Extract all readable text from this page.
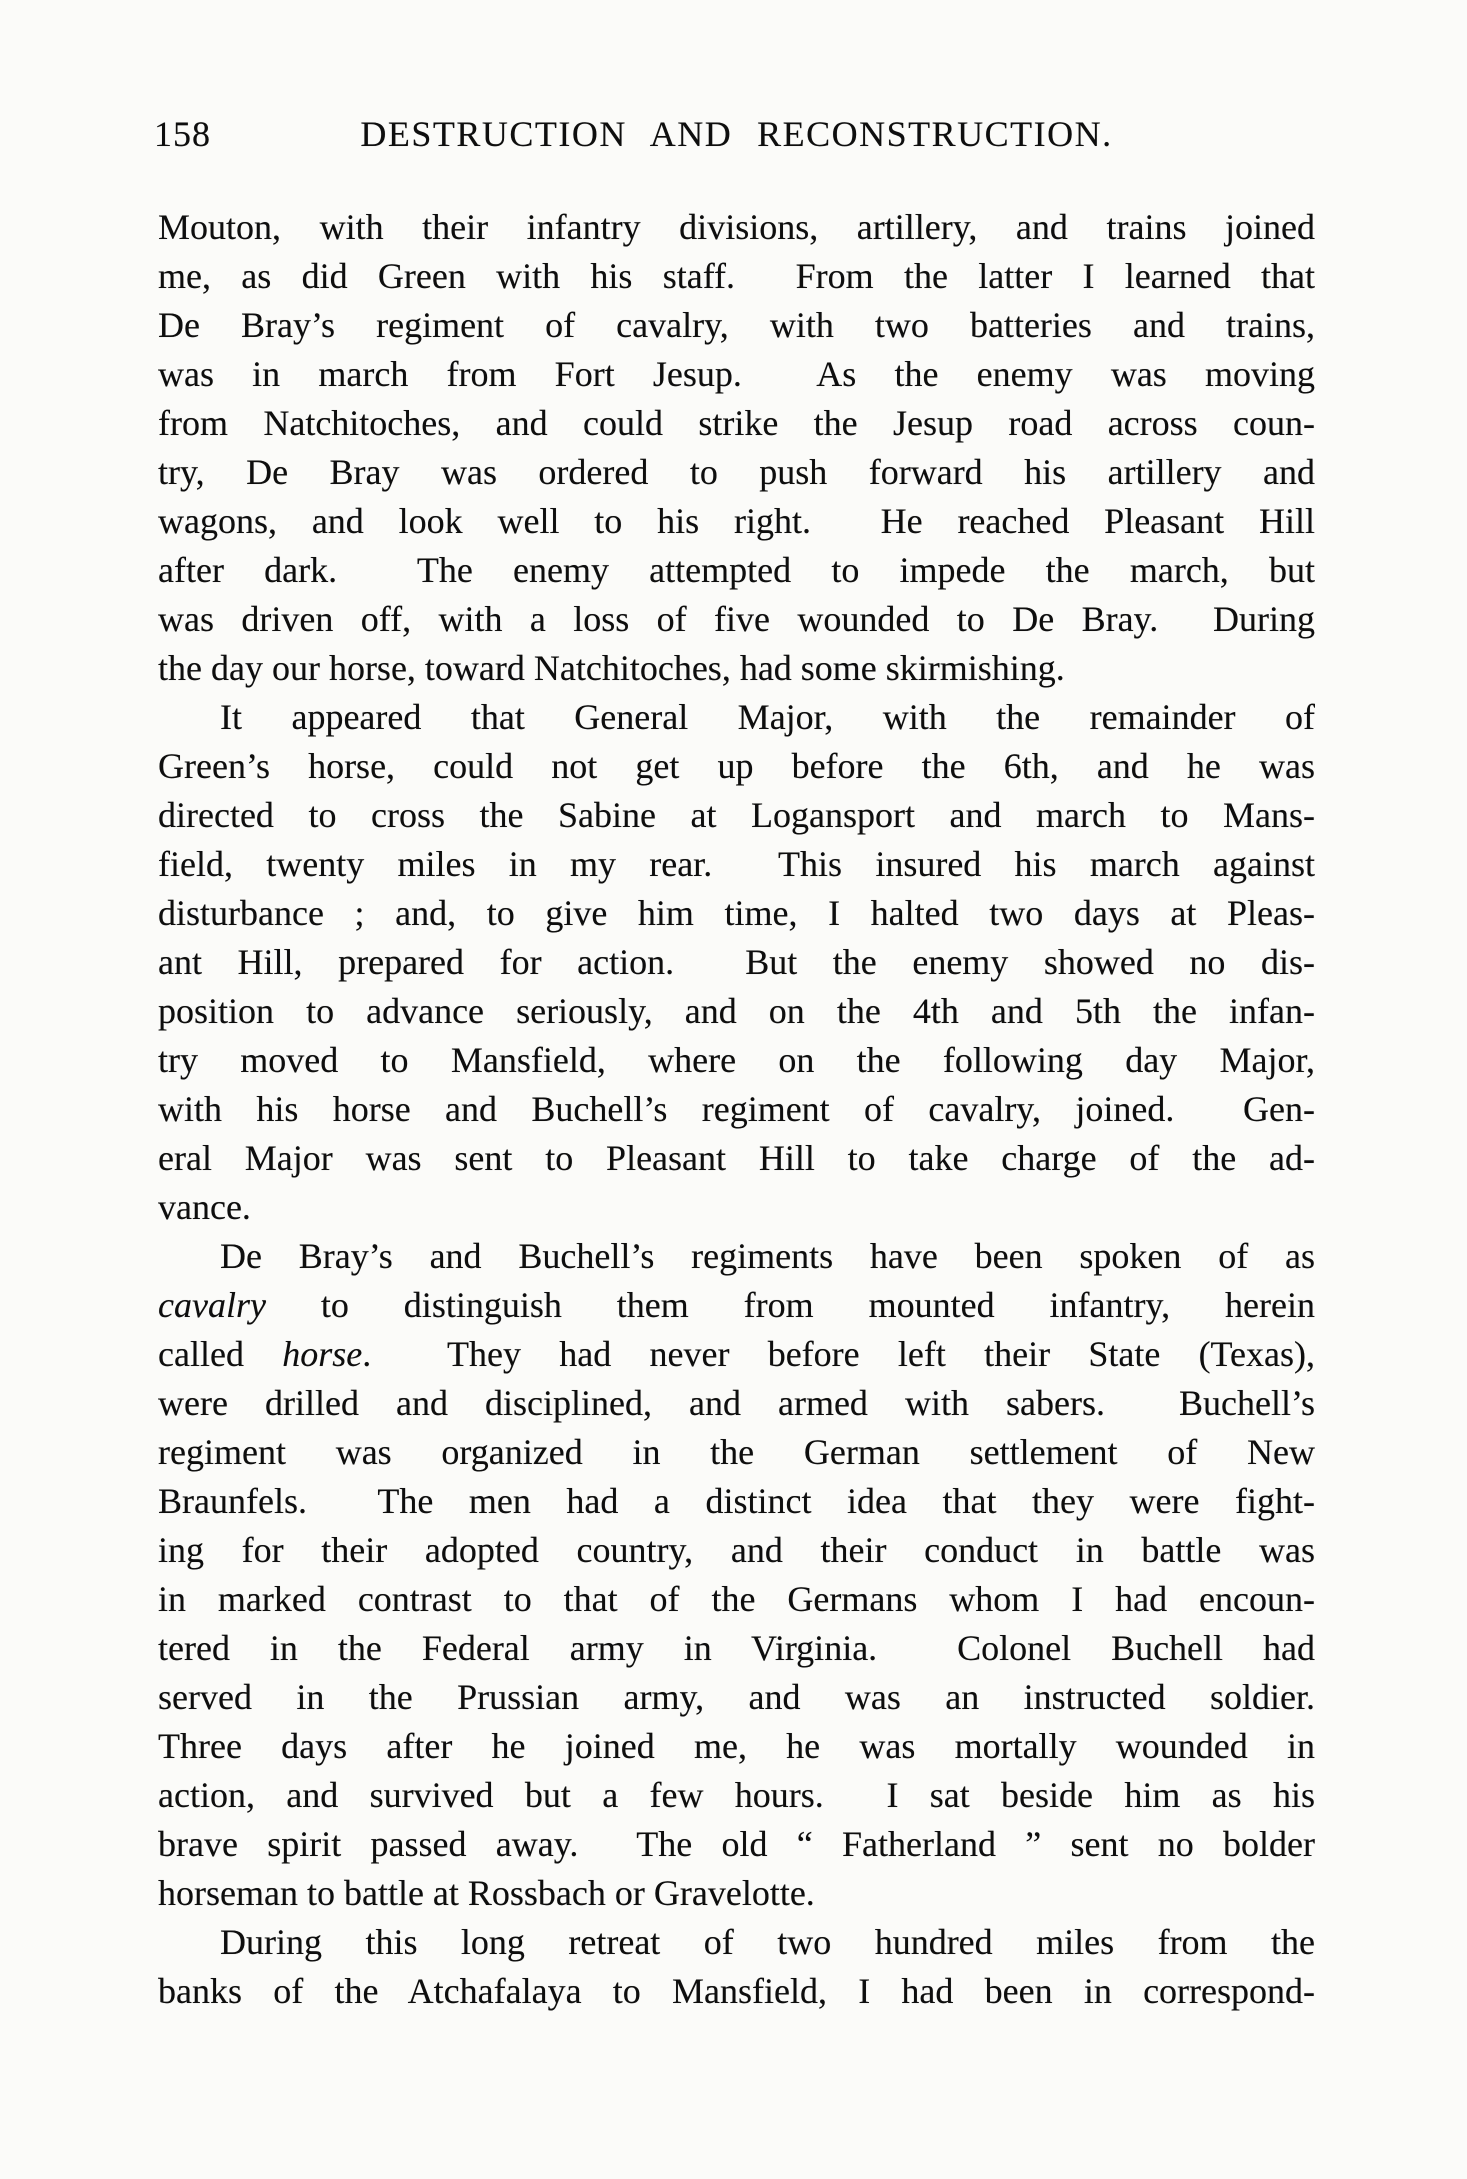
158	DESTRUCTION AND RECONSTRUCTION.
Mouton, with their infantry divisions, artillery, and trains joined
me, as did Green with his staff.  From the latter I learned that
De Bray’s regiment of cavalry, with two batteries and trains,
was in march from Fort Jesup.  As the enemy was moving
from Natchitoches, and could strike the Jesup road across coun-
try, De Bray was ordered to push forward his artillery and
wagons, and look well to his right.  He reached Pleasant Hill
after dark.  The enemy attempted to impede the march, but
was driven off, with a loss of five wounded to De Bray.  During
the day our horse, toward Natchitoches, had some skirmishing.
It appeared that General Major, with the remainder of
Green’s horse, could not get up before the 6th, and he was
directed to cross the Sabine at Logansport and march to Mans-
field, twenty miles in my rear.  This insured his march against
disturbance ; and, to give him time, I halted two days at Pleas-
ant Hill, prepared for action.  But the enemy showed no dis-
position to advance seriously, and on the 4th and 5th the infan-
try moved to Mansfield, where on the following day Major,
with his horse and Buchell’s regiment of cavalry, joined.  Gen-
eral Major was sent to Pleasant Hill to take charge of the ad-
vance.
De Bray’s and Buchell’s regiments have been spoken of as
cavalry to distinguish them from mounted infantry, herein
called horse.  They had never before left their State (Texas),
were drilled and disciplined, and armed with sabers.  Buchell’s
regiment was organized in the German settlement of New
Braunfels.  The men had a distinct idea that they were fight-
ing for their adopted country, and their conduct in battle was
in marked contrast to that of the Germans whom I had encoun-
tered in the Federal army in Virginia.  Colonel Buchell had
served in the Prussian army, and was an instructed soldier.
Three days after he joined me, he was mortally wounded in
action, and survived but a few hours.  I sat beside him as his
brave spirit passed away.  The old “ Fatherland ” sent no bolder
horseman to battle at Rossbach or Gravelotte.
During this long retreat of two hundred miles from the
banks of the Atchafalaya to Mansfield, I had been in correspond-
